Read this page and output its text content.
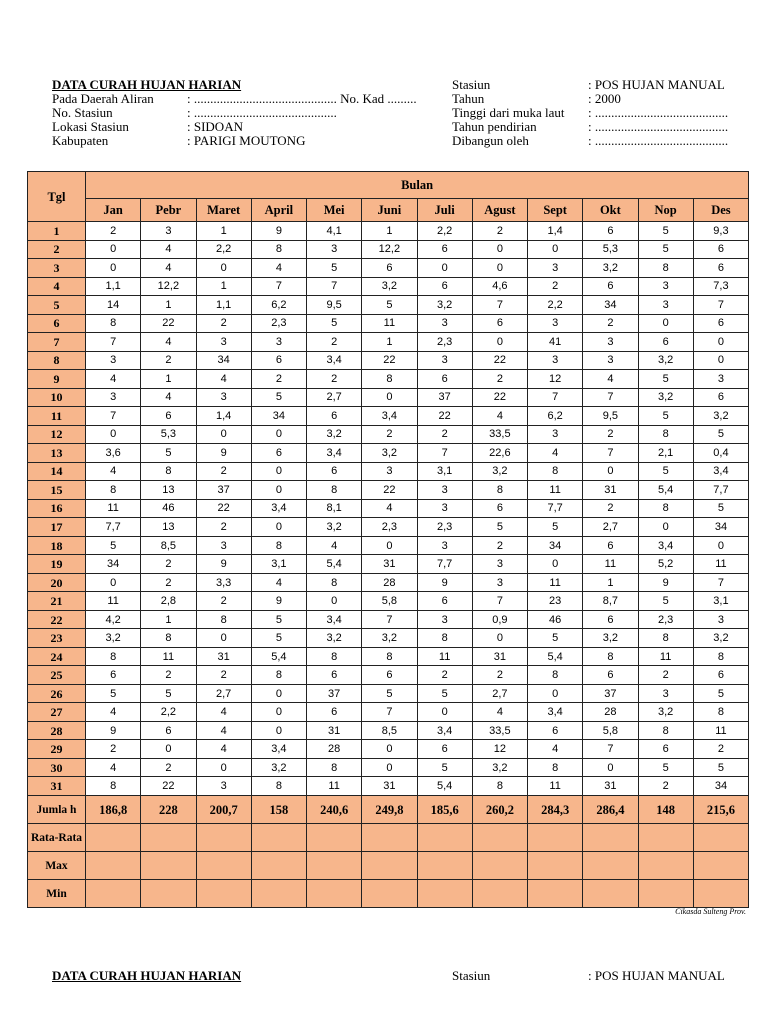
DATA CURAH HUJAN HARIAN
Pada Daerah Aliran	: ............................................ No. Kad .........
No. Stasiun	: ............................................
Lokasi Stasiun	: SIDOAN
Kabupaten	: PARIGI MOUTONG
Stasiun	: POS HUJAN MANUAL
Tahun	: 2000
Tinggi dari muka laut : .........................................
Tahun pendirian	: .........................................
Dibangun oleh	: .........................................
Tgl	Bulan											
	Jan	Pebr	Maret	April	Mei	Juni	Juli	Agust	Sept	Okt	Nop	Des
1	2	3	1	9	4,1	1	2,2	2	1,4	6	5	9,3
2	0	4	2,2	8	3	12,2	6	0	0	5,3	5	6
3	0	4	0	4	5	6	0	0	3	3,2	8	6
4	1,1	12,2	1	7	7	3,2	6	4,6	2	6	3	7,3
5	14	1	1,1	6,2	9,5	5	3,2	7	2,2	34	3	7
6	8	22	2	2,3	5	11	3	6	3	2	0	6
7	7	4	3	3	2	1	2,3	0	41	3	6	0
8	3	2	34	6	3,4	22	3	22	3	3	3,2	0
9	4	1	4	2	2	8	6	2	12	4	5	3
10	3	4	3	5	2,7	0	37	22	7	7	3,2	6
11	7	6	1,4	34	6	3,4	22	4	6,2	9,5	5	3,2
12	0	5,3	0	0	3,2	2	2	33,5	3	2	8	5
13	3,6	5	9	6	3,4	3,2	7	22,6	4	7	2,1	0,4
14	4	8	2	0	6	3	3,1	3,2	8	0	5	3,4
15	8	13	37	0	8	22	3	8	11	31	5,4	7,7
16	11	46	22	3,4	8,1	4	3	6	7,7	2	8	5
17	7,7	13	2	0	3,2	2,3	2,3	5	5	2,7	0	34
18	5	8,5	3	8	4	0	3	2	34	6	3,4	0
19	34	2	9	3,1	5,4	31	7,7	3	0	11	5,2	11
20	0	2	3,3	4	8	28	9	3	11	1	9	7
21	11	2,8	2	9	0	5,8	6	7	23	8,7	5	3,1
22	4,2	1	8	5	3,4	7	3	0,9	46	6	2,3	3
23	3,2	8	0	5	3,2	3,2	8	0	5	3,2	8	3,2
24	8	11	31	5,4	8	8	11	31	5,4	8	11	8
25	6	2	2	8	6	6	2	2	8	6	2	6
26	5	5	2,7	0	37	5	5	2,7	0	37	3	5
27	4	2,2	4	0	6	7	0	4	3,4	28	3,2	8
28	9	6	4	0	31	8,5	3,4	33,5	6	5,8	8	11
29	2	0	4	3,4	28	0	6	12	4	7	6	2
30	4	2	0	3,2	8	0	5	3,2	8	0	5	5
31	8	22	3	8	11	31	5,4	8	11	31	2	34
Jumla h	186,8	228	200,7	158	240,6	249,8	185,6	260,2	284,3	286,4	148	215,6
Rata-Rata												
Max												
Min												
Cikasda Sulteng Prov.
DATA CURAH HUJAN HARIAN	Stasiun	: POS HUJAN MANUAL
